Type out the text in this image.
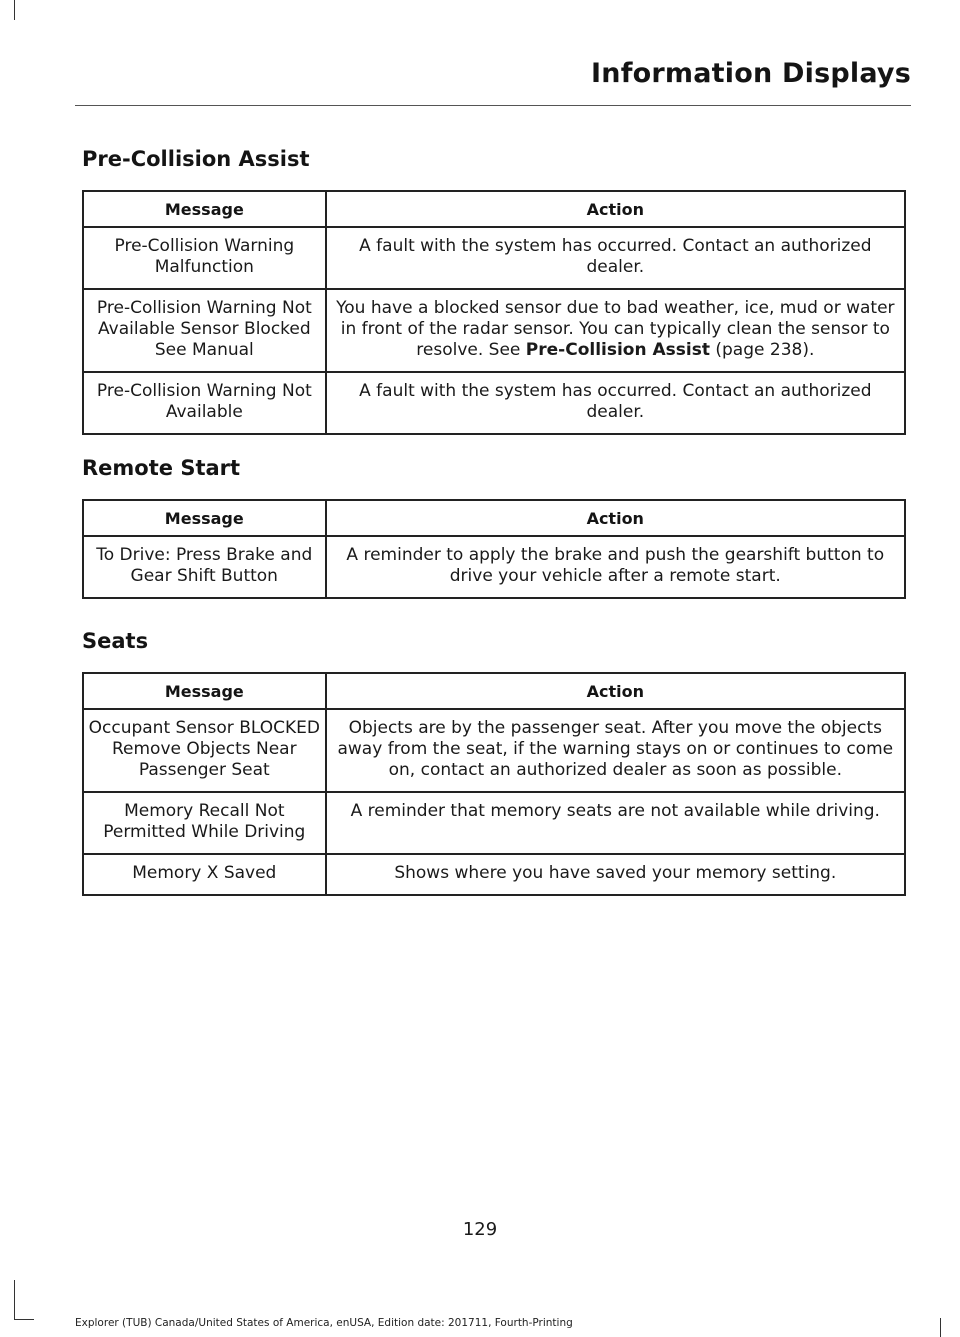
Information Displays
Pre-Collision Assist
Message	Action
Pre-Collision Warning Malfunction	A fault with the system has occurred. Contact an authorized dealer.
Pre-Collision Warning Not Available Sensor Blocked See Manual	You have a blocked sensor due to bad weather, ice, mud or water in front of the radar sensor. You can typically clean the sensor to resolve. See Pre-Collision Assist (page 238).
Pre-Collision Warning Not Available	A fault with the system has occurred. Contact an authorized dealer.
Remote Start
Message	Action
To Drive: Press Brake and Gear Shift Button	A reminder to apply the brake and push the gearshift button to drive your vehicle after a remote start.
Seats
Message	Action
Occupant Sensor BLOCKED Remove Objects Near Passenger Seat	Objects are by the passenger seat. After you move the objects away from the seat, if the warning stays on or continues to come on, contact an authorized dealer as soon as possible.
Memory Recall Not Permitted While Driving	A reminder that memory seats are not available while driving.
Memory X Saved	Shows where you have saved your memory setting.
129
Explorer (TUB) Canada/United States of America, enUSA, Edition date: 201711, Fourth-Printing
